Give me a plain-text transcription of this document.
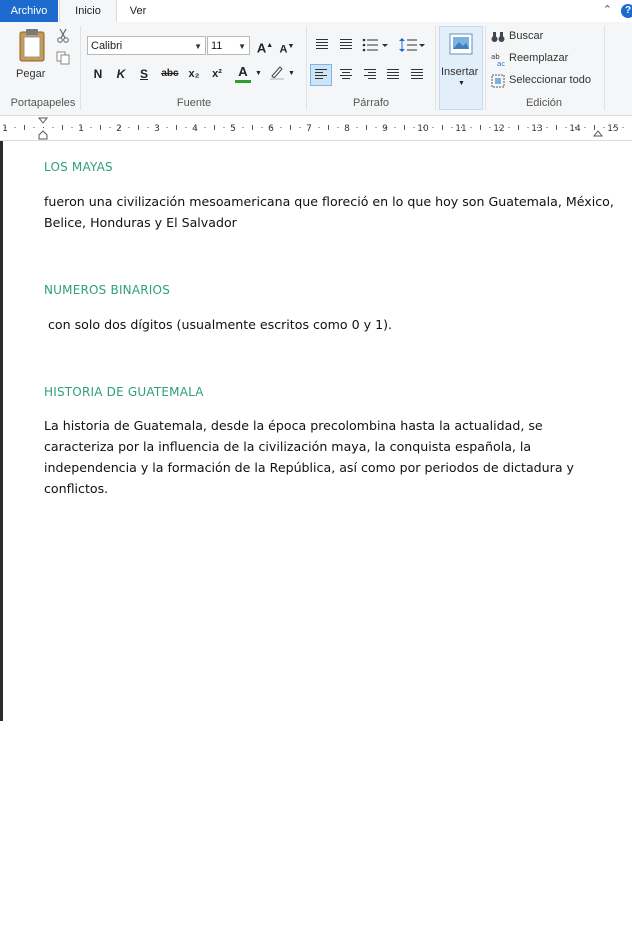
Archivo	Inicio	Ver	⌃	?
Pegar
Portapapeles
Calibri	▼ 11 ▼ A▲ A▼
N	K	S	abc x₂	x²	A	▼	▼
Fuente	Párrafo
Insertar
▼
Buscar
ab
ac Reemplazar
Seleccionar todo
Edición
1	2	3	4	5	6	7	8	9	10	11	12	13	14	15
1
LOS MAYAS
fueron una civilización mesoamericana que floreció en lo que hoy son Guatemala, México, Belice, Honduras y El Salvador
NUMEROS BINARIOS
con solo dos dígitos (usualmente escritos como 0 y 1).
HISTORIA DE GUATEMALA
La historia de Guatemala, desde la época precolombina hasta la actualidad, se caracteriza por la influencia de la civilización maya, la conquista española, la independencia y la formación de la República, así como por periodos de dictadura y conflictos.
